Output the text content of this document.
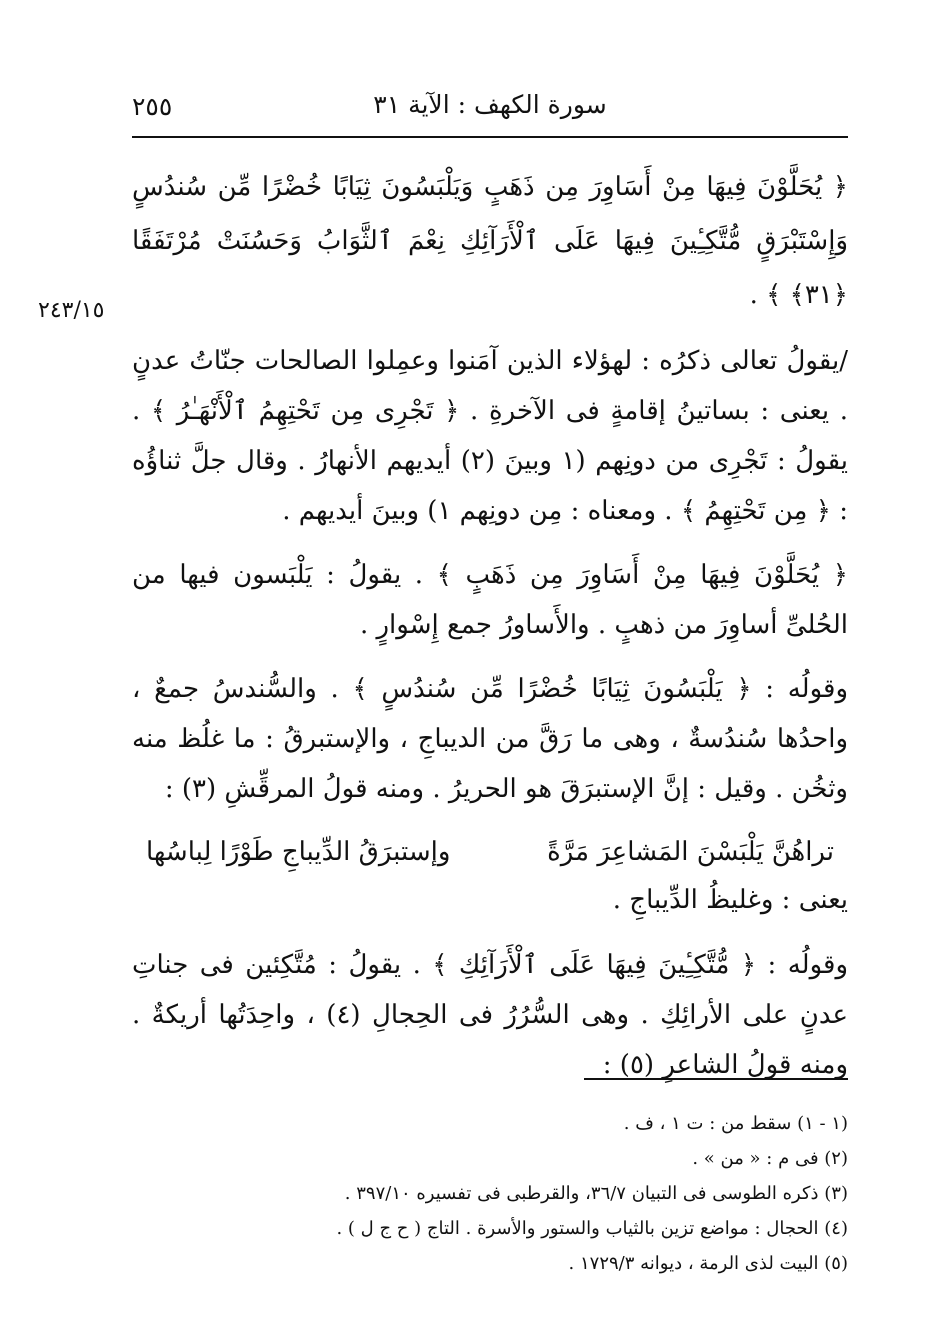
٢٥٥	سورة الكهف : الآية ٣١
٢٤٣/١٥

﴿ يُحَلَّوْنَ فِيهَا مِنْ أَسَاوِرَ مِن ذَهَبٍ وَيَلْبَسُونَ ثِيَابًا خُضْرًا مِّن سُندُسٍ وَإِسْتَبْرَقٍ مُّتَّكِـِٔينَ فِيهَا عَلَى ٱلْأَرَآئِكِ نِعْمَ ٱلثَّوَابُ وَحَسُنَتْ مُرْتَفَقًا ﴿٣١﴾ ﴾ .

/يقولُ تعالى ذكرُه : لهؤلاء الذين آمَنوا وعمِلوا الصالحات جنّاتُ عدنٍ . يعنى : بساتينُ إقامةٍ فى الآخرةِ . ﴿ تَجْرِى مِن تَحْتِهِمُ ٱلْأَنْهَـٰرُ ﴾ . يقولُ : تَجْرِى من دونِهم (١ وبينَ (٢) أيديهم الأنهارُ . وقال جلَّ ثناؤُه : ﴿ مِن تَحْتِهِمُ ﴾ . ومعناه : مِن دونِهم ١) وبينَ أيديهم .

﴿ يُحَلَّوْنَ فِيهَا مِنْ أَسَاوِرَ مِن ذَهَبٍ ﴾ . يقولُ : يَلْبَسون فيها من الحُلىِّ أساوِرَ من ذهبٍ . والأَساورُ جمع إِسْوارٍ .

وقولُه : ﴿ يَلْبَسُونَ ثِيَابًا خُضْرًا مِّن سُندُسٍ ﴾ . والسُّندسُ جمعٌ ، واحدُها سُندُسةٌ ، وهى ما رَقَّ من الديباجِ ، والإستبرقُ : ما غلُظ منه وثخُن . وقيل : إنَّ الإستبرَقَ هو الحريرُ . ومنه قولُ المرقِّشِ (٣) :

تراهُنَّ يَلْبَسْنَ المَشاعِرَ مَرَّةً
وإستبرَقُ الدِّيباجِ طَوْرًا لِباسُها

يعنى : وغليظُ الدِّيباجِ .

وقولُه : ﴿ مُّتَّكِـِٔينَ فِيهَا عَلَى ٱلْأَرَآئِكِ ﴾ . يقولُ : مُتَّكِئين فى جناتِ عدنٍ على الأرائِكِ . وهى السُّرُرُ فى الحِجالِ (٤) ، واحِدَتُها أريكةٌ . ومنه قولُ الشاعرِ (٥) :

(١ - ١) سقط من : ت ١ ، ف .
(٢) فى م : « من » .
(٣) ذكره الطوسى فى التبيان ٣٦/٧، والقرطبى فى تفسيره ٣٩٧/١٠ .
(٤) الحجال : مواضع تزين بالثياب والستور والأسرة . التاج ( ح ج ل ) .
(٥) البيت لذى الرمة ، ديوانه ١٧٢٩/٣ .
